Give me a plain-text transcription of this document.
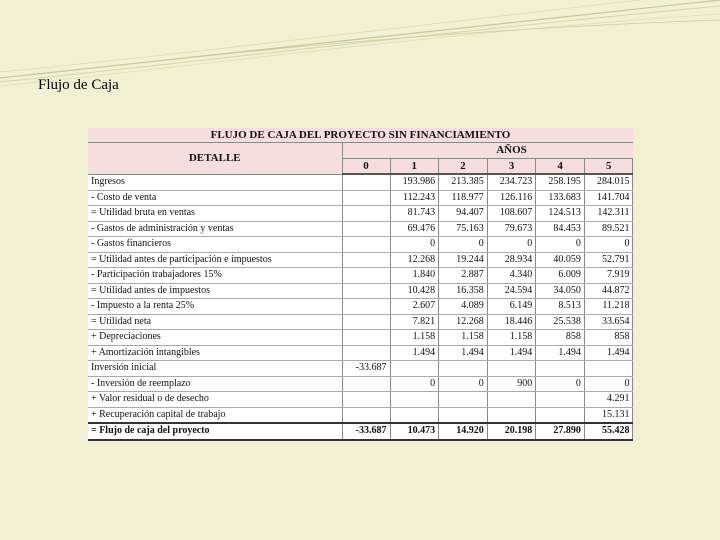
Flujo de Caja
FLUJO DE CAJA DEL PROYECTO SIN FINANCIAMIENTO						
DETALLE		AÑOS				
	0	1	2	3	4	5
Ingresos		193.986	213.385	234.723	258.195	284.015
- Costo de venta		112.243	118.977	126.116	133.683	141.704
= Utilidad bruta en ventas		81.743	94.407	108.607	124.513	142.311
- Gastos de administración y ventas		69.476	75.163	79.673	84.453	89.521
- Gastos financieros		0	0	0	0	0
= Utilidad antes de participación e impuestos		12.268	19.244	28.934	40.059	52.791
- Participación trabajadores 15%		1.840	2.887	4.340	6.009	7.919
= Utilidad antes de impuestos		10.428	16.358	24.594	34.050	44.872
- Impuesto a la renta 25%		2.607	4.089	6.149	8.513	11.218
= Utilidad neta		7.821	12.268	18.446	25.538	33.654
+ Depreciaciones		1.158	1.158	1.158	858	858
+ Amortización intangibles		1.494	1.494	1.494	1.494	1.494
Inversión inicial	-33.687					
- Inversión de reemplazo		0	0	900	0	0
+ Valor residual o de desecho						4.291
+ Recuperación capital de trabajo						15.131
= Flujo de caja del proyecto	-33.687	10.473	14.920	20.198	27.890	55.428
